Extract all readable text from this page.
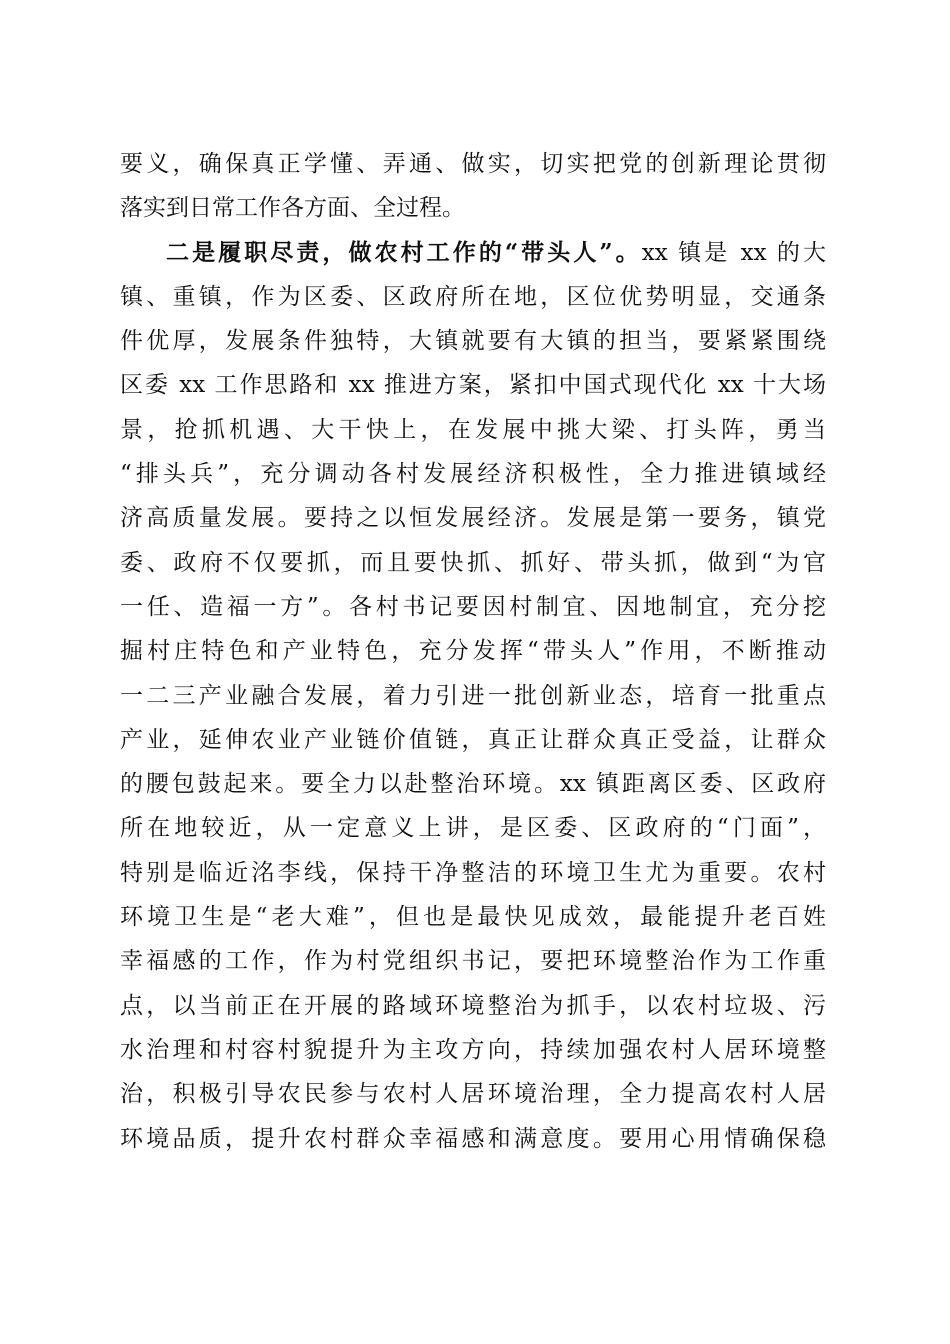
要义，确保真正学懂、弄通、做实，切实把党的创新理论贯彻
落实到日常工作各方面、全过程。
二是履职尽责，做农村工作的“带头人”。xx 镇是 xx 的大
镇、重镇，作为区委、区政府所在地，区位优势明显，交通条
件优厚，发展条件独特，大镇就要有大镇的担当，要紧紧围绕
区委 xx 工作思路和 xx 推进方案，紧扣中国式现代化 xx 十大场
景，抢抓机遇、大干快上，在发展中挑大梁、打头阵，勇当
“排头兵”，充分调动各村发展经济积极性，全力推进镇域经
济高质量发展。要持之以恒发展经济。发展是第一要务，镇党
委、政府不仅要抓，而且要快抓、抓好、带头抓，做到“为官
一任、造福一方”。各村书记要因村制宜、因地制宜，充分挖
掘村庄特色和产业特色，充分发挥“带头人”作用，不断推动
一二三产业融合发展，着力引进一批创新业态，培育一批重点
产业，延伸农业产业链价值链，真正让群众真正受益，让群众
的腰包鼓起来。要全力以赴整治环境。xx 镇距离区委、区政府
所在地较近，从一定意义上讲，是区委、区政府的“门面”，
特别是临近洺李线，保持干净整洁的环境卫生尤为重要。农村
环境卫生是“老大难”，但也是最快见成效，最能提升老百姓
幸福感的工作，作为村党组织书记，要把环境整治作为工作重
点，以当前正在开展的路域环境整治为抓手，以农村垃圾、污
水治理和村容村貌提升为主攻方向，持续加强农村人居环境整
治，积极引导农民参与农村人居环境治理，全力提高农村人居
环境品质，提升农村群众幸福感和满意度。要用心用情确保稳
